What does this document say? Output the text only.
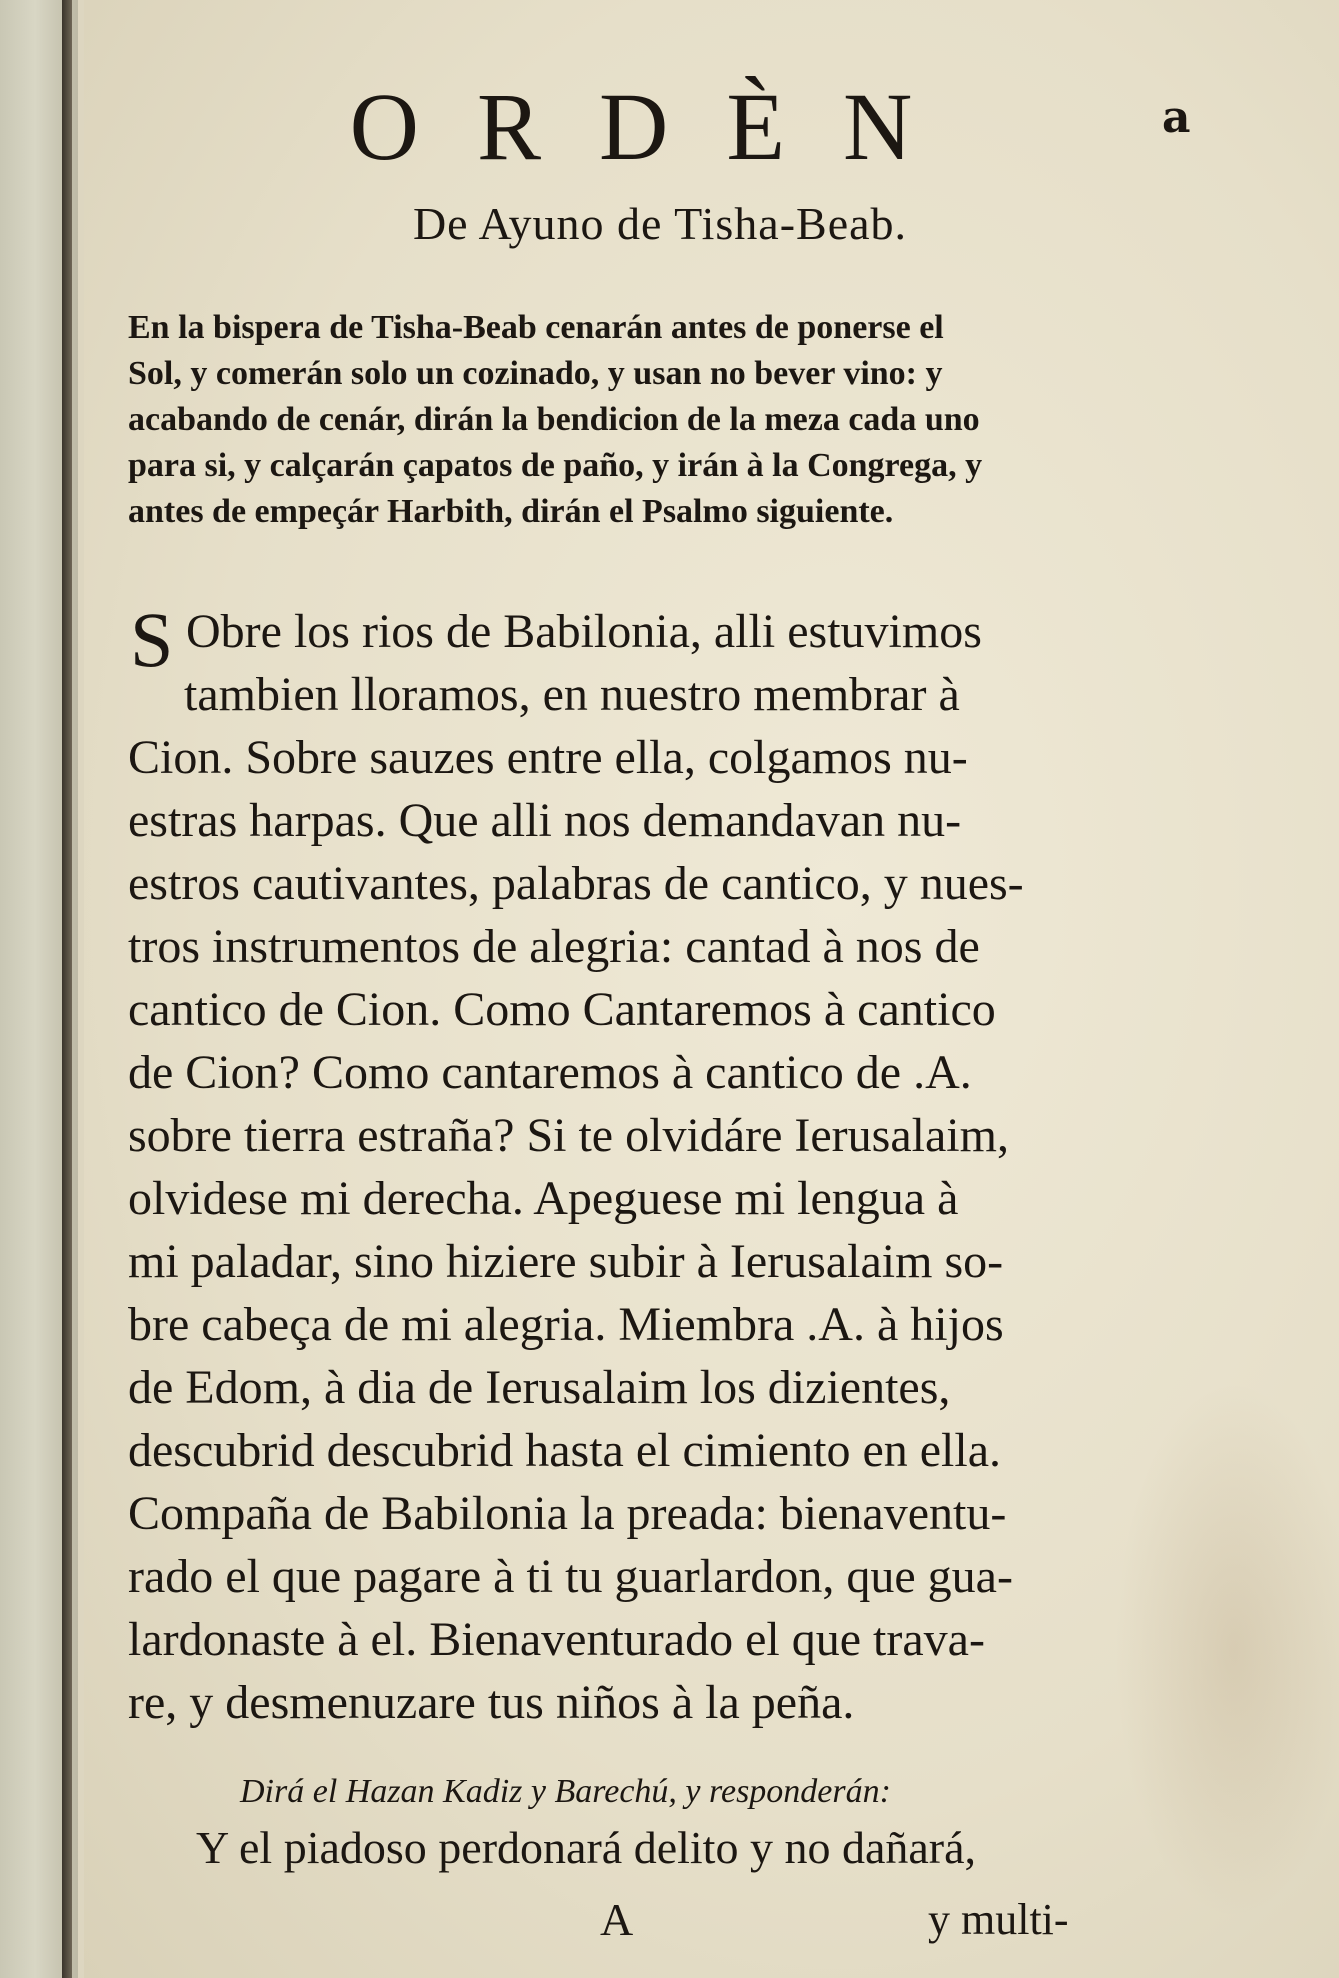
a
ORDÈN
De Ayuno de Tisha-Beab.
En la bispera de Tisha-Beab cenarán antes de ponerse el
Sol, y comerán solo un cozinado, y usan no bever vino: y
acabando de cenár, dirán la bendicion de la meza cada uno
para si, y calçarán çapatos de paño, y irán à la Congrega, y
antes de empeçár Harbith, dirán el Psalmo siguiente.
S Obre los rios de Babilonia, alli estuvimos
tambien lloramos, en nuestro membrar à
Cion. Sobre sauzes entre ella, colgamos nu-
estras harpas. Que alli nos demandavan nu-
estros cautivantes, palabras de cantico, y nues-
tros instrumentos de alegria: cantad à nos de
cantico de Cion. Como Cantaremos à cantico
de Cion? Como cantaremos à cantico de .A.
sobre tierra estraña? Si te olvidáre Ierusalaim,
olvidese mi derecha. Apeguese mi lengua à
mi paladar, sino hiziere subir à Ierusalaim so-
bre cabeça de mi alegria. Miembra .A. à hijos
de Edom, à dia de Ierusalaim los dizientes,
descubrid descubrid hasta el cimiento en ella.
Compaña de Babilonia la preada: bienaventu-
rado el que pagare à ti tu guarlardon, que gua-
lardonaste à el. Bienaventurado el que travа-
re, y desmenuzare tus niños à la peña.
Dirá el Hazan Kadiz y Barechú, y responderán:
Y el piadoso perdonará delito y no dañará,
A	y multi-
